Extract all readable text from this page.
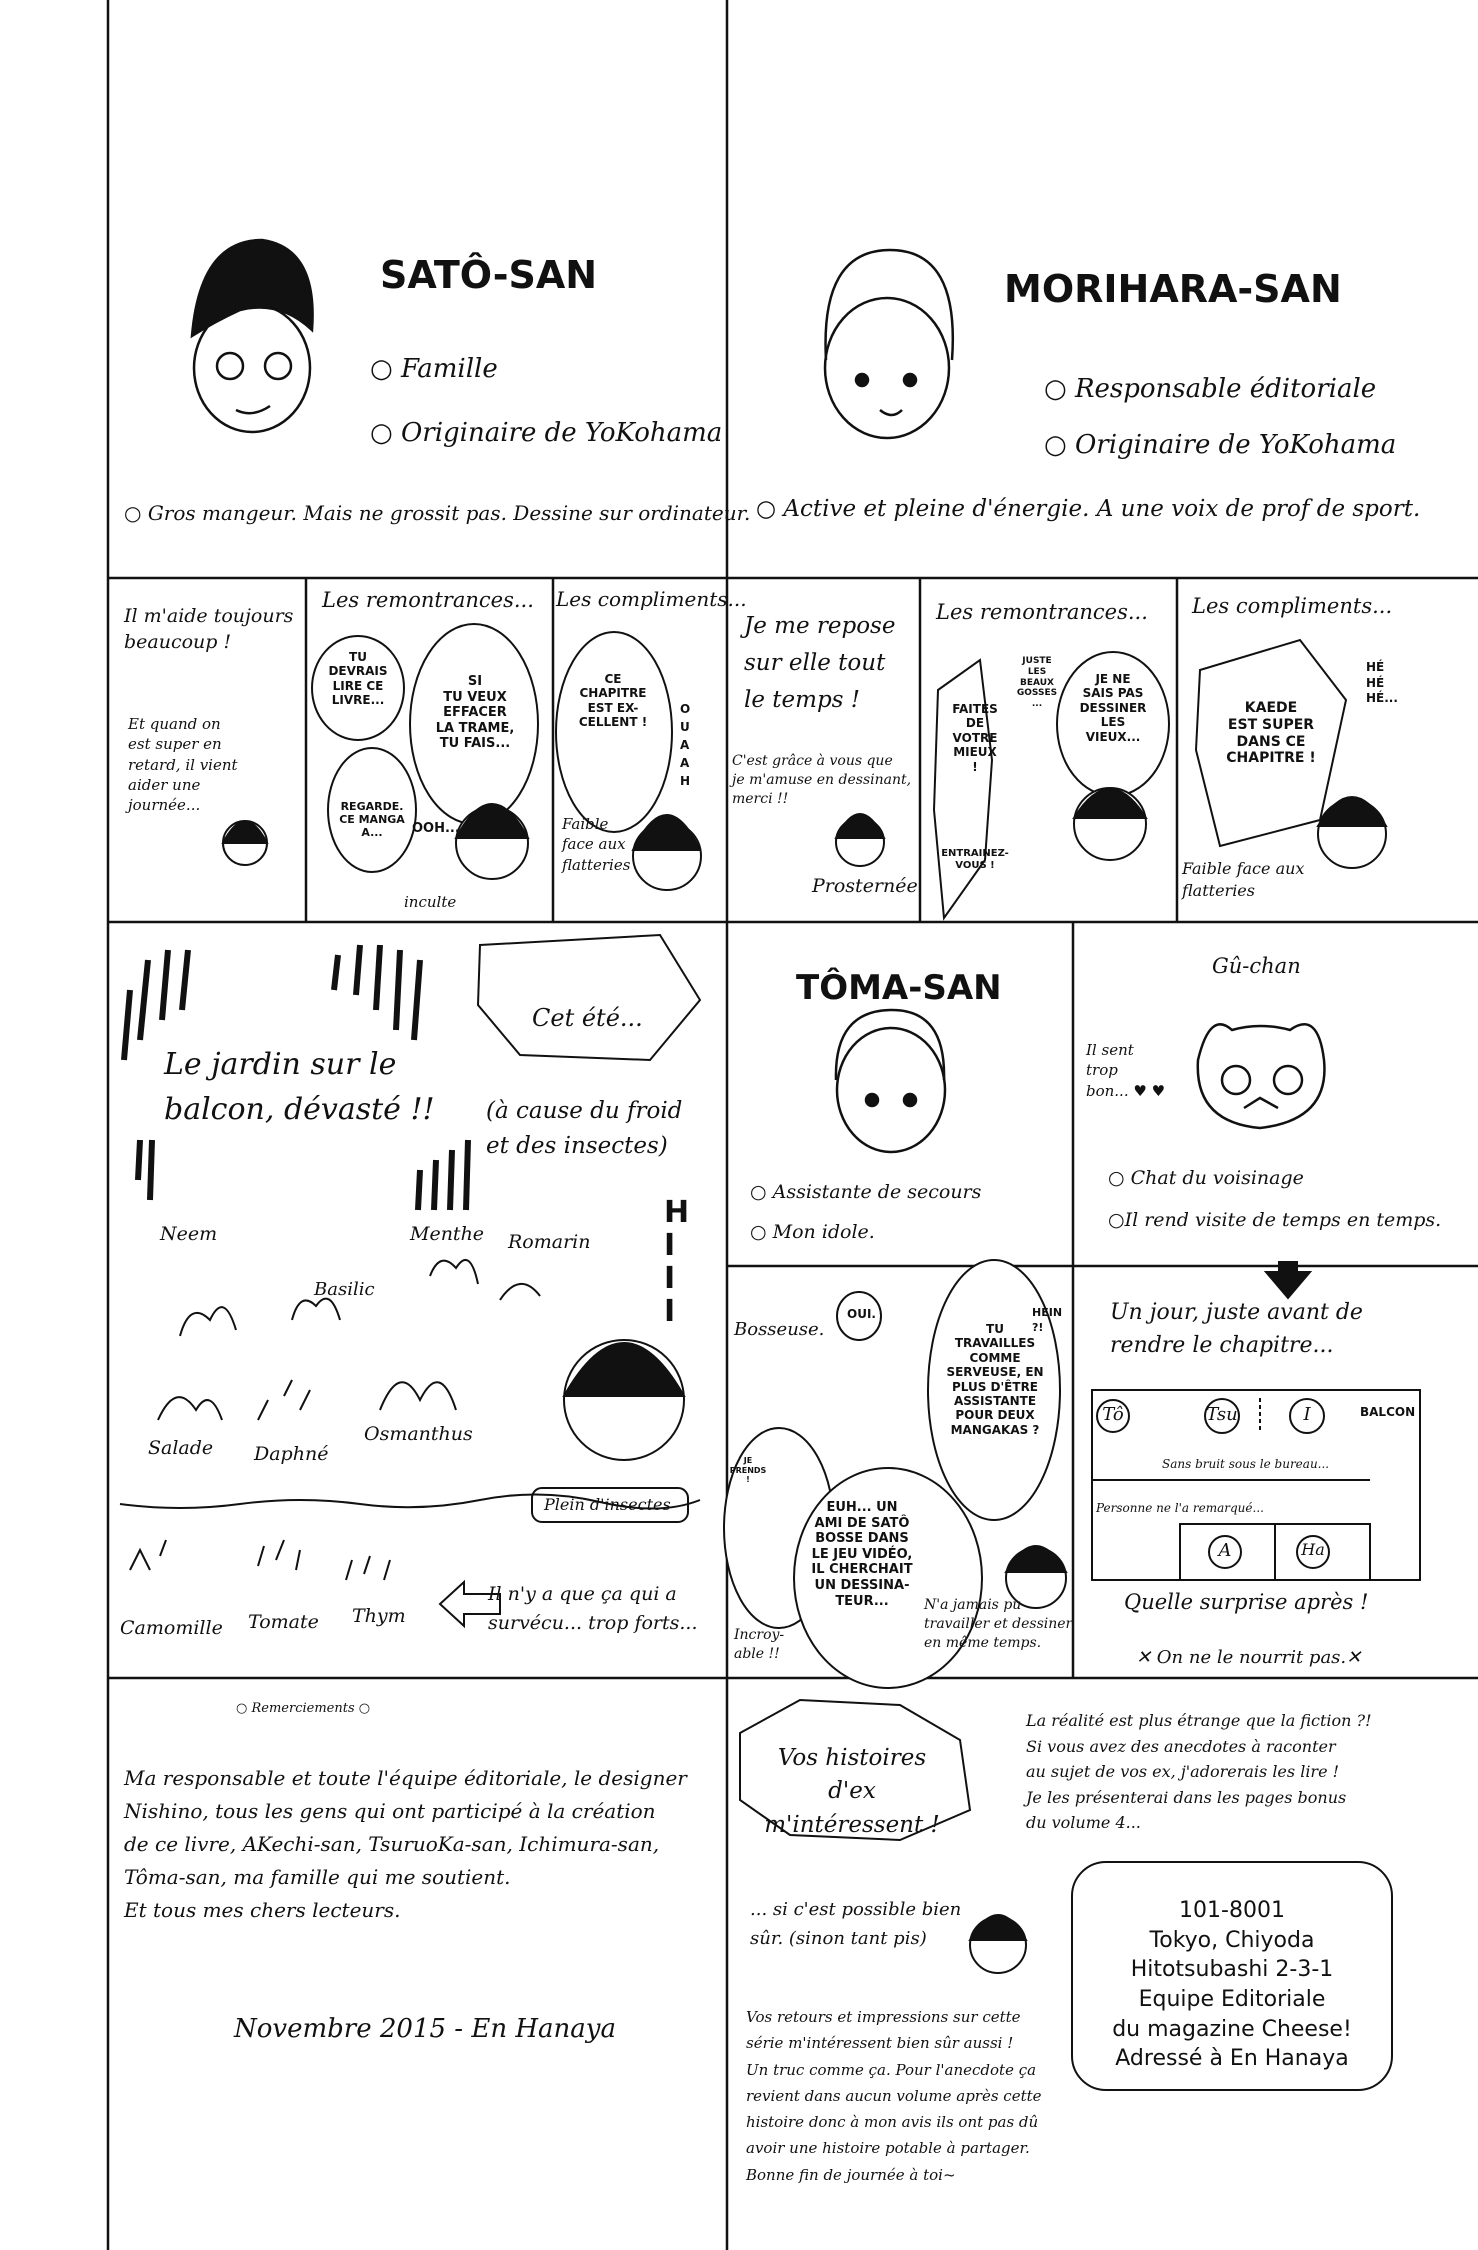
SATÔ-SAN
○ Famille
○ Originaire de YoKohama
○ Gros mangeur. Mais ne grossit pas. Dessine sur ordinateur.
MORIHARA-SAN
○ Responsable éditoriale
○ Originaire de YoKohama
○ Active et pleine d'énergie. A une voix de prof de sport.
Il m'aide toujours
beaucoup !
Et quand on
est super en
retard, il vient
aider une
journée...
Les remontrances...
TU
DEVRAIS
LIRE CE
LIVRE...
SI
TU VEUX
EFFACER
LA TRAME,
TU FAIS...
REGARDE.
CE MANGA
A...	OOH...
inculte
Les compliments...
CE
CHAPITRE
EST EX-
CELLENT !
O
U
A
A
H
Faible
face aux
flatteries
Je me repose
sur elle tout
le temps !
C'est grâce à vous que
je m'amuse en dessinant,
merci !!
Prosternée
Les remontrances...
FAITES
DE
VOTRE
MIEUX
!
JUSTE
LES
BEAUX
GOSSES
...
JE NE
SAIS PAS
DESSINER
LES
VIEUX...
ENTRAINEZ-
VOUS !
Les compliments...
KAEDE
EST SUPER
DANS CE
CHAPITRE !
HÉ
HÉ
HÉ...
Faible face aux
flatteries
Cet été...
Le jardin sur le
balcon, dévasté !! (à cause du froid
et des insectes)
Neem	Menthe Romarin
Basilic
Salade Daphné
Osmanthus
Plein d'insectes
Camomille Tomate Thym
Il n'y a que ça qui a
survécu... trop forts...
H
I
I
I
TÔMA-SAN
○ Assistante de secours
○ Mon idole.
Gû-chan
Il sent
trop
bon... ♥ ♥
○ Chat du voisinage
○Il rend visite de temps en temps.
Bosseuse.
OUI.	HEIN
?!
TU
TRAVAILLES
COMME
SERVEUSE, EN
PLUS D'ÊTRE
ASSISTANTE
POUR DEUX
MANGAKAS ?
JE
PRENDS
!
EUH... UN
AMI DE SATÔ
BOSSE DANS
LE JEU VIDÉO,
IL CHERCHAIT
UN DESSINA-
TEUR...
Incroy-
able !!
N'a jamais pu
travailler et dessiner
en même temps.
Un jour, juste avant de
rendre le chapitre...
Tô	Tsu	I
A	Ha
BALCON
Sans bruit sous le bureau...
Personne ne l'a remarqué...
Quelle surprise après !
✕ On ne le nourrit pas.✕
○ Remerciements ○
Ma responsable et toute l'équipe éditoriale, le designer
Nishino, tous les gens qui ont participé à la création
de ce livre, AKechi-san, TsuruoKa-san, Ichimura-san,
Tôma-san, ma famille qui me soutient.
Et tous mes chers lecteurs.
Novembre 2015 - En Hanaya
Vos histoires d'ex
m'intéressent !
La réalité est plus étrange que la fiction ?!
Si vous avez des anecdotes à raconter
au sujet de vos ex, j'adorerais les lire !
Je les présenterai dans les pages bonus
du volume 4...
... si c'est possible bien
sûr. (sinon tant pis)
101-8001
Tokyo, Chiyoda
Hitotsubashi 2-3-1
Equipe Editoriale
du magazine Cheese!
Adressé à En Hanaya
Vos retours et impressions sur cette
série m'intéressent bien sûr aussi !
Un truc comme ça. Pour l'anecdote ça
revient dans aucun volume après cette
histoire donc à mon avis ils ont pas dû
avoir une histoire potable à partager.
Bonne fin de journée à toi~
